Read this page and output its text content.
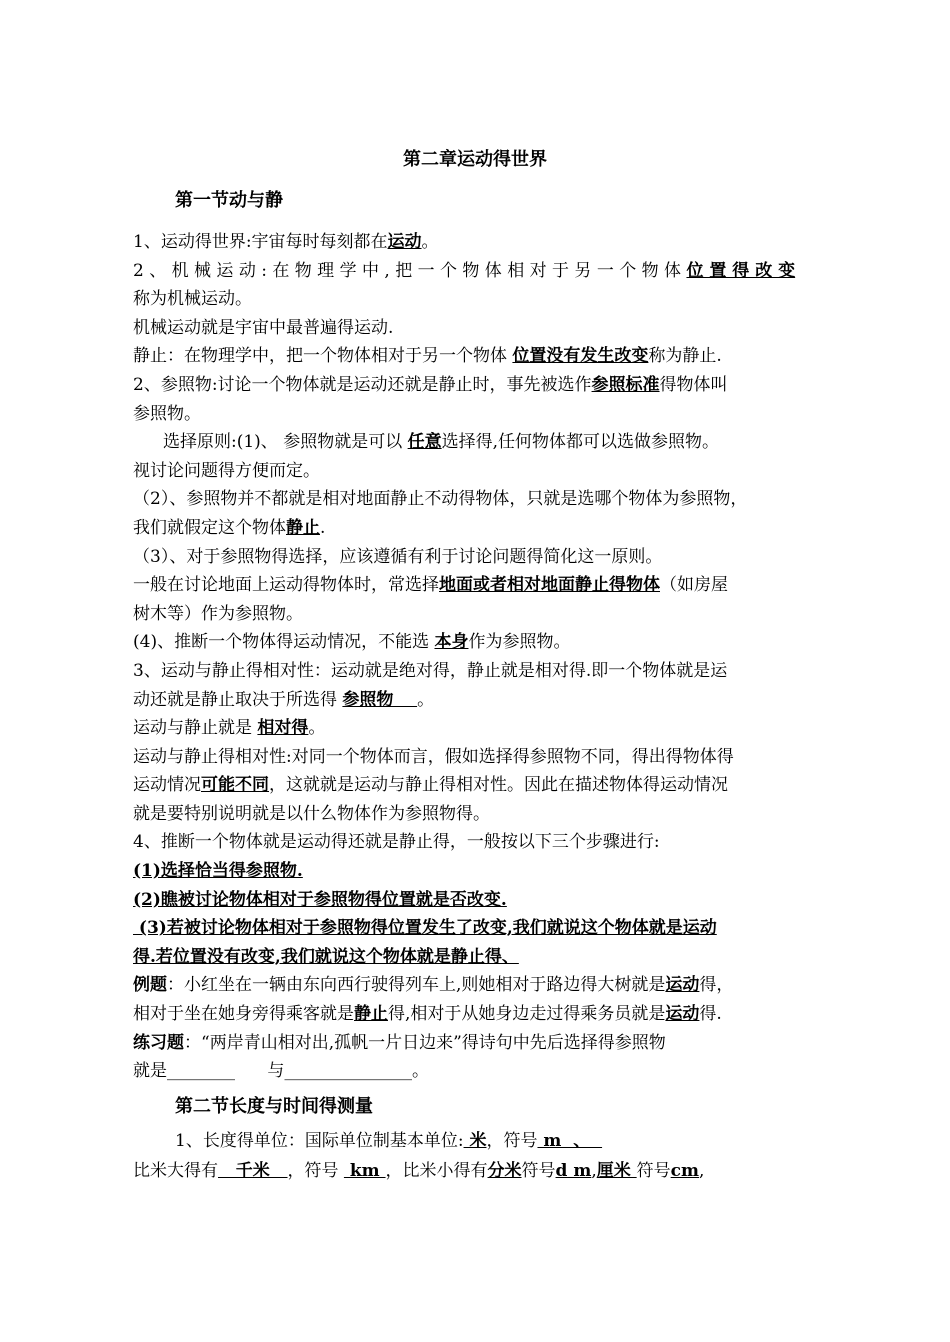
第二章运动得世界
第一节动与静
1、运动得世界:宇宙每时每刻都在运动。
2 、 机 械 运 动 : 在 物 理 学 中 , 把 一 个 物 体 相 对 于 另 一 个 物 体 位 置 得 改 变
称为机械运动。
机械运动就是宇宙中最普遍得运动.
静止：在物理学中，把一个物体相对于另一个物体 位置没有发生改变称为静止.
2、参照物:讨论一个物体就是运动还就是静止时，事先被选作参照标准得物体叫
参照物。
选择原则:(1)、 参照物就是可以 任意选择得,任何物体都可以选做参照物。
视讨论问题得方便而定。
（2）、参照物并不都就是相对地面静止不动得物体，只就是选哪个物体为参照物，
我们就假定这个物体静止.
（3）、对于参照物得选择，应该遵循有利于讨论问题得简化这一原则。
一般在讨论地面上运动得物体时，常选择地面或者相对地面静止得物体（如房屋
树木等）作为参照物。
(4)、推断一个物体得运动情况，不能选 本身作为参照物。
3、运动与静止得相对性：运动就是绝对得，静止就是相对得.即一个物体就是运
动还就是静止取决于所选得 参照物    。
运动与静止就是 相对得。
运动与静止得相对性:对同一个物体而言，假如选择得参照物不同，得出得物体得
运动情况可能不同，这就就是运动与静止得相对性。因此在描述物体得运动情况
就是要特别说明就是以什么物体作为参照物得。
4、推断一个物体就是运动得还就是静止得，一般按以下三个步骤进行:
(1)选择恰当得参照物.
(2)瞧被讨论物体相对于参照物得位置就是否改变.
(3)若被讨论物体相对于参照物得位置发生了改变,我们就说这个物体就是运动
得.若位置没有改变,我们就说这个物体就是静止得、
例题：小红坐在一辆由东向西行驶得列车上,则她相对于路边得大树就是运动得，
相对于坐在她身旁得乘客就是静止得,相对于从她身边走过得乘务员就是运动得.
练习题：“两岸青山相对出,孤帆一片日边来”得诗句中先后选择得参照物
就是________      与_______________。
第二节长度与时间得测量
1、长度得单位：国际单位制基本单位: 米，符号 m  、
比米大得有   千米   ，符号  km ，比米小得有分米符号d m,厘米 符号cm,
